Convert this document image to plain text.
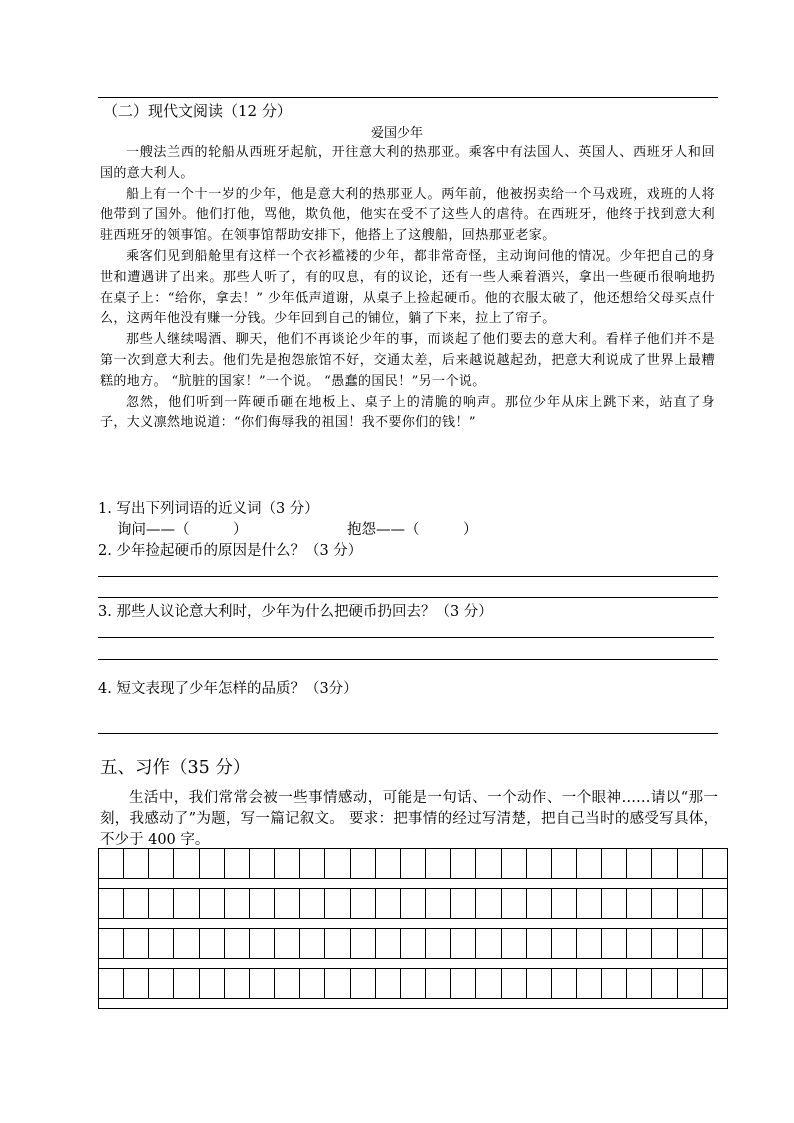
（二）现代文阅读（12 分）
爱国少年

一艘法兰西的轮船从西班牙起航，开往意大利的热那亚。乘客中有法国人、英国人、西班牙人和回国的意大利人。

船上有一个十一岁的少年，他是意大利的热那亚人。两年前，他被拐卖给一个马戏班，戏班的人将他带到了国外。他们打他，骂他，欺负他，他实在受不了这些人的虐待。在西班牙，他终于找到意大利驻西班牙的领事馆。在领事馆帮助安排下，他搭上了这艘船，回热那亚老家。

乘客们见到船舱里有这样一个衣衫褴褛的少年，都非常奇怪，主动询问他的情况。少年把自己的身世和遭遇讲了出来。那些人听了，有的叹息，有的议论，还有一些人乘着酒兴，拿出一些硬币很响地扔在桌子上：“给你，拿去！” 少年低声道谢，从桌子上捡起硬币。他的衣服太破了，他还想给父母买点什么，这两年他没有赚一分钱。少年回到自己的铺位，躺了下来，拉上了帘子。

那些人继续喝酒、聊天，他们不再谈论少年的事，而谈起了他们要去的意大利。看样子他们并不是第一次到意大利去。他们先是抱怨旅馆不好，交通太差，后来越说越起劲，把意大利说成了世界上最糟糕的地方。 “肮脏的国家！”一个说。 “愚蠢的国民！”另一个说。

忽然，他们听到一阵硬币砸在地板上、桌子上的清脆的响声。那位少年从床上跳下来，站直了身子，大义凛然地说道：“你们侮辱我的祖国！我不要你们的钱！”

1. 写出下列词语的近义词（3 分）
询问——（　　　）	抱怨——（　　　）
2. 少年捡起硬币的原因是什么？（3 分）
3. 那些人议论意大利时，少年为什么把硬币扔回去？（3 分）
4. 短文表现了少年怎样的品质？（3分）
五、习作（35 分）

生活中，我们常常会被一些事情感动，可能是一句话、一个动作、一个眼神……请以“那一刻，我感动了”为题，写一篇记叙文。 要求：把事情的经过写清楚，把自己当时的感受写具体，不少于 400 字。
